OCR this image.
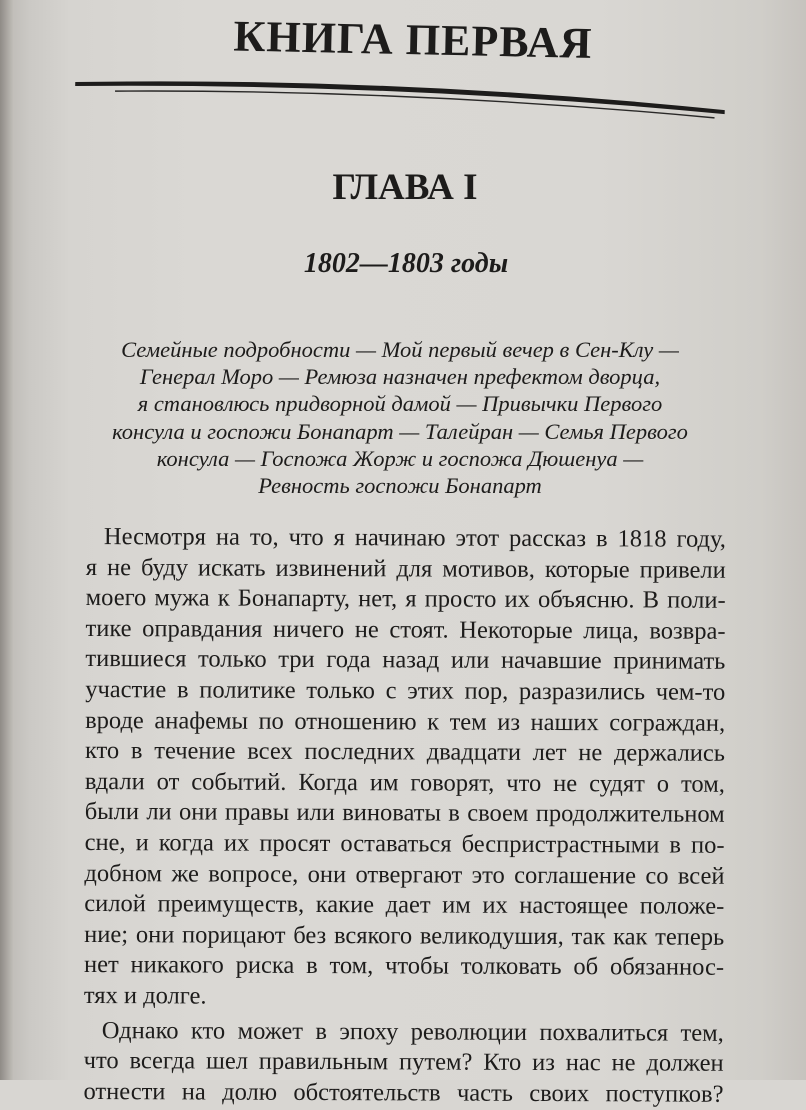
КНИГА ПЕРВАЯ
ГЛАВА I
1802—1803 годы
Семейные подробности — Мой первый вечер в Сен-Клу —
Генерал Моро — Ремюза назначен префектом дворца,
я становлюсь придворной дамой — Привычки Первого
консула и госпожи Бонапарт — Талейран — Семья Первого
консула — Госпожа Жорж и госпожа Дюшенуа —
Ревность госпожи Бонапарт
Несмотря на то, что я начинаю этот рассказ в 1818 году,
я не буду искать извинений для мотивов, которые привели
моего мужа к Бонапарту, нет, я просто их объясню. В поли-
тике оправдания ничего не стоят. Некоторые лица, возвра-
тившиеся только три года назад или начавшие принимать
участие в политике только с этих пор, разразились чем-то
вроде анафемы по отношению к тем из наших сограждан,
кто в течение всех последних двадцати лет не держались
вдали от событий. Когда им говорят, что не судят о том,
были ли они правы или виноваты в своем продолжительном
сне, и когда их просят оставаться беспристрастными в по-
добном же вопросе, они отвергают это соглашение со всей
силой преимуществ, какие дает им их настоящее положе-
ние; они порицают без всякого великодушия, так как теперь
нет никакого риска в том, чтобы толковать об обязаннос-
тях и долге.
Однако кто может в эпоху революции похвалиться тем,
что всегда шел правильным путем? Кто из нас не должен
отнести на долю обстоятельств часть своих поступков?
